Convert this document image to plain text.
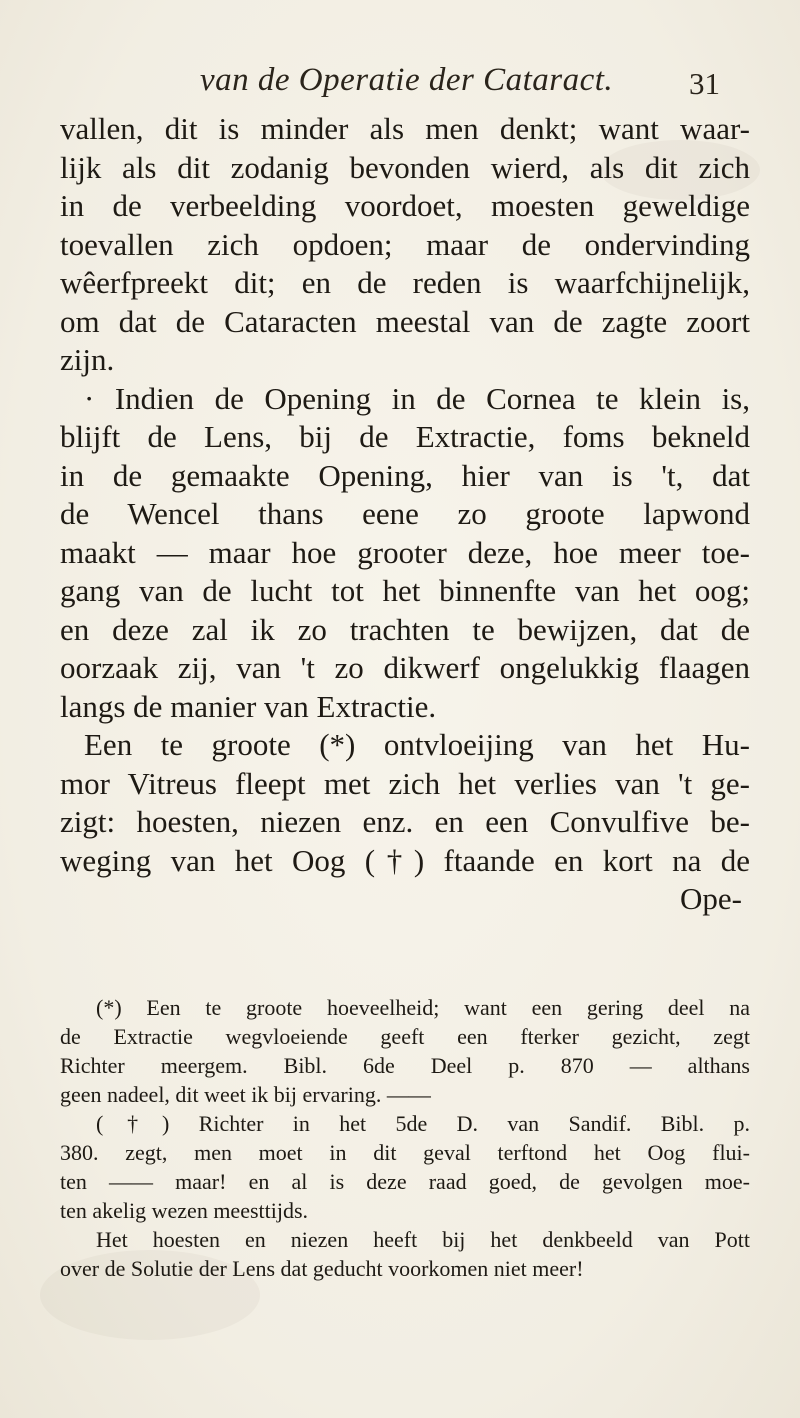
van de Operatie der Cataract. 31
vallen, dit is minder als men denkt; want waar-
lijk als dit zodanig bevonden wierd, als dit zich
in de verbeelding voordoet, moesten geweldige
toevallen zich opdoen; maar de ondervinding
wêerfpreekt dit; en de reden is waarfchijnelijk,
om dat de Cataracten meestal van de zagte zoort
zijn.
· Indien de Opening in de Cornea te klein is,
blijft de Lens, bij de Extractie, foms bekneld
in de gemaakte Opening, hier van is 't, dat
de Wencel thans eene zo groote lapwond
maakt — maar hoe grooter deze, hoe meer toe-
gang van de lucht tot het binnenfte van het oog;
en deze zal ik zo trachten te bewijzen, dat de
oorzaak zij, van 't zo dikwerf ongelukkig flaagen
langs de manier van Extractie.
Een te groote (*) ontvloeijing van het Hu-
mor Vitreus fleept met zich het verlies van 't ge-
zigt: hoesten, niezen enz. en een Convulfive be-
weging van het Oog (†) ftaande en kort na de
Ope-
(*) Een te groote hoeveelheid; want een gering deel na
de Extractie wegvloeiende geeft een fterker gezicht, zegt
Richter meergem. Bibl. 6de Deel p. 870 — althans
geen nadeel, dit weet ik bij ervaring. ——
(†) Richter in het 5de D. van Sandif. Bibl. p.
380. zegt, men moet in dit geval terftond het Oog flui-
ten —— maar! en al is deze raad goed, de gevolgen moe-
ten akelig wezen meesttijds.
Het hoesten en niezen heeft bij het denkbeeld van Pott
over de Solutie der Lens dat geducht voorkomen niet meer!
